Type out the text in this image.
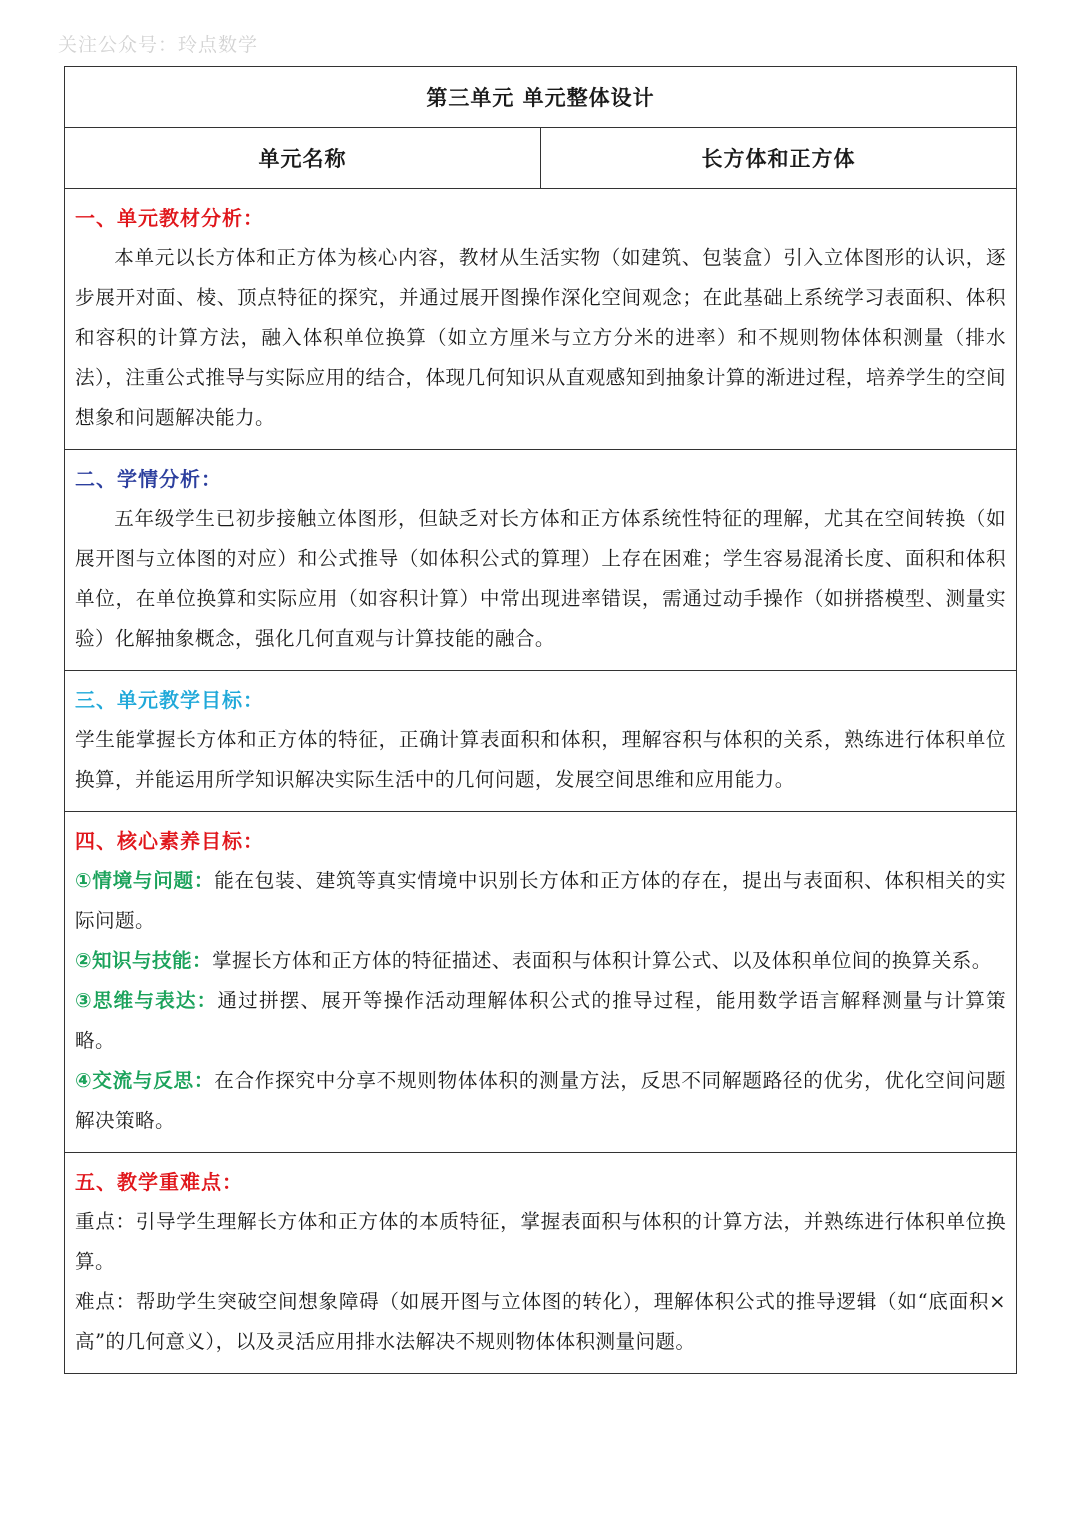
关注公众号：玲点数学
第三单元 单元整体设计
单元名称	长方体和正方体

一、单元教材分析：
本单元以长方体和正方体为核心内容，教材从生活实物（如建筑、包装盒）引入立体图形的认识，逐步展开对面、棱、顶点特征的探究，并通过展开图操作深化空间观念；在此基础上系统学习表面积、体积和容积的计算方法，融入体积单位换算（如立方厘米与立方分米的进率）和不规则物体体积测量（排水法），注重公式推导与实际应用的结合，体现几何知识从直观感知到抽象计算的渐进过程，培养学生的空间想象和问题解决能力。

二、学情分析：
五年级学生已初步接触立体图形，但缺乏对长方体和正方体系统性特征的理解，尤其在空间转换（如展开图与立体图的对应）和公式推导（如体积公式的算理）上存在困难；学生容易混淆长度、面积和体积单位，在单位换算和实际应用（如容积计算）中常出现进率错误，需通过动手操作（如拼搭模型、测量实验）化解抽象概念，强化几何直观与计算技能的融合。

三、单元教学目标：
学生能掌握长方体和正方体的特征，正确计算表面积和体积，理解容积与体积的关系，熟练进行体积单位换算，并能运用所学知识解决实际生活中的几何问题，发展空间思维和应用能力。

四、核心素养目标：
①情境与问题：能在包装、建筑等真实情境中识别长方体和正方体的存在，提出与表面积、体积相关的实际问题。
②知识与技能：掌握长方体和正方体的特征描述、表面积与体积计算公式、以及体积单位间的换算关系。
③思维与表达：通过拼摆、展开等操作活动理解体积公式的推导过程，能用数学语言解释测量与计算策略。
④交流与反思：在合作探究中分享不规则物体体积的测量方法，反思不同解题路径的优劣，优化空间问题解决策略。

五、教学重难点：
重点：引导学生理解长方体和正方体的本质特征，掌握表面积与体积的计算方法，并熟练进行体积单位换算。
难点：帮助学生突破空间想象障碍（如展开图与立体图的转化），理解体积公式的推导逻辑（如“底面积×高”的几何意义），以及灵活应用排水法解决不规则物体体积测量问题。
